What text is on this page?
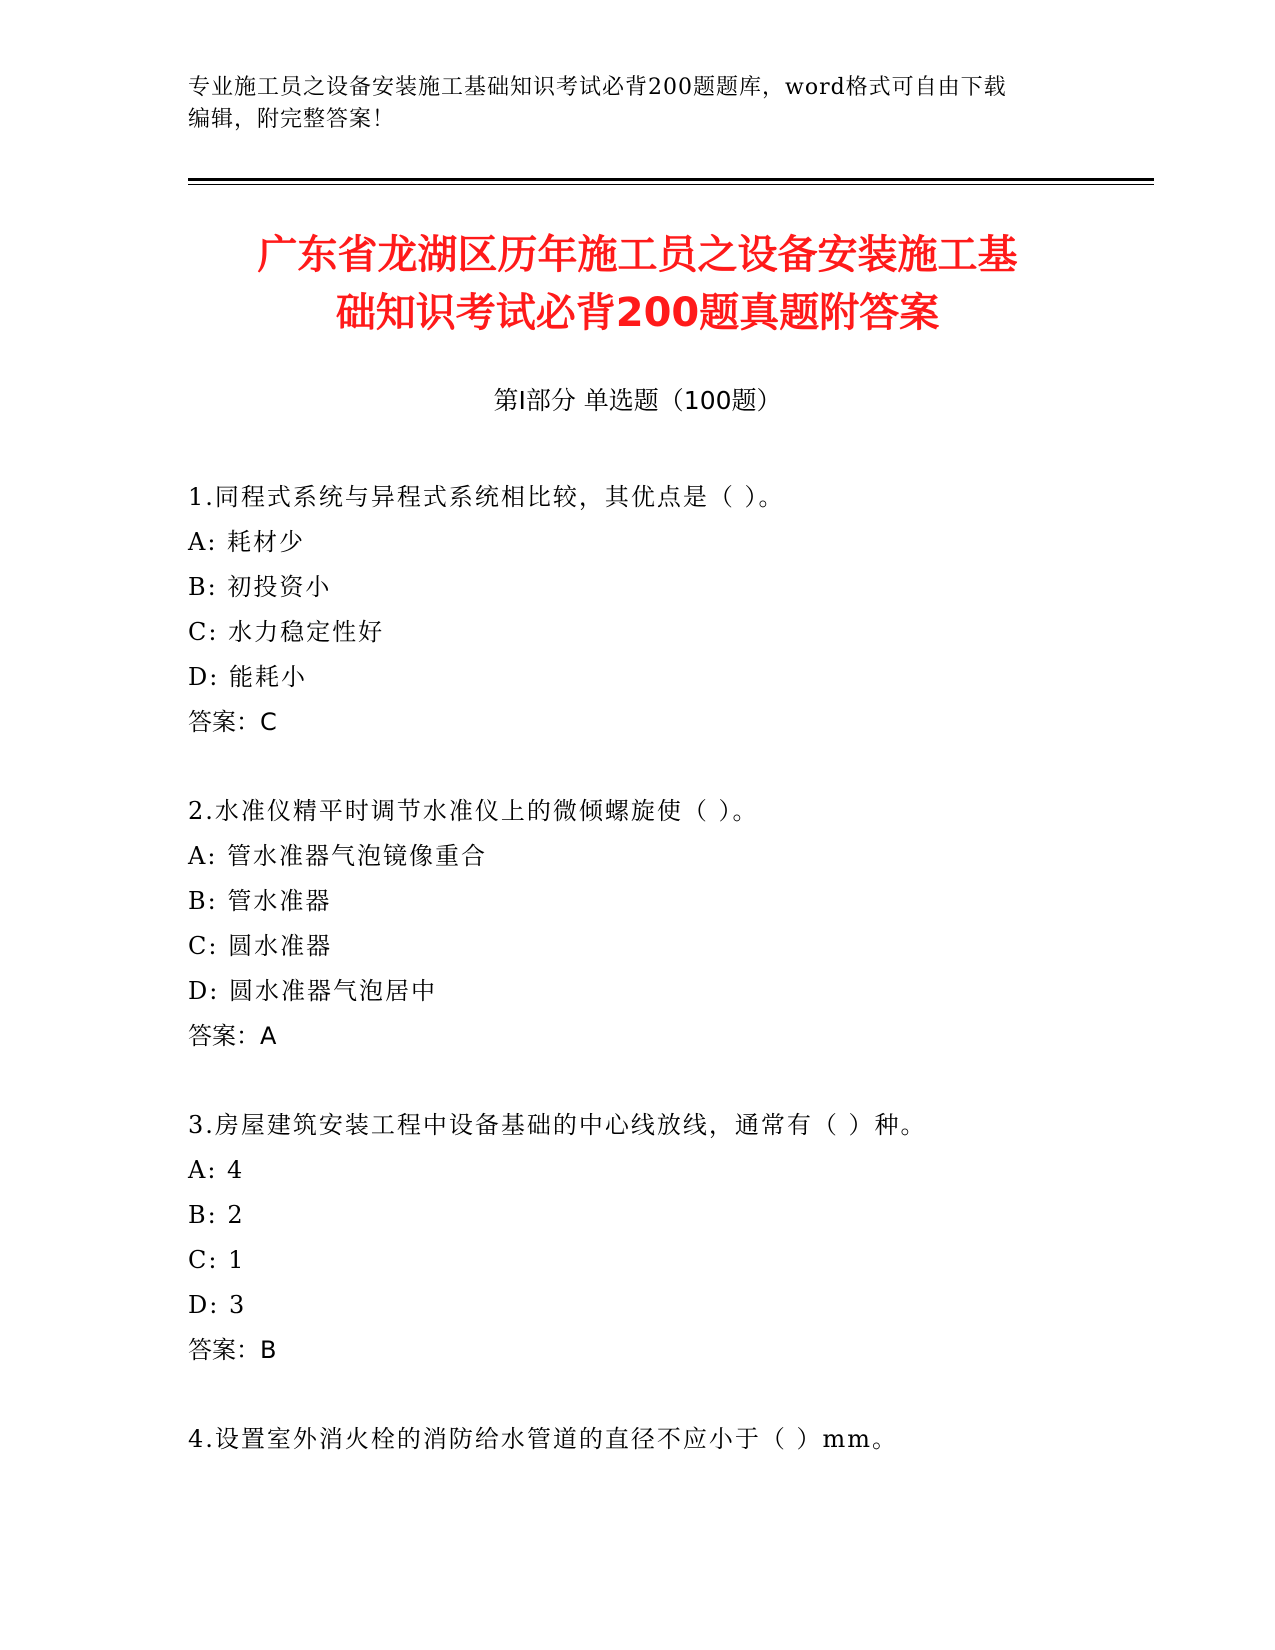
专业施工员之设备安装施工基础知识考试必背200题题库，word格式可自由下载
编辑，附完整答案！
广东省龙湖区历年施工员之设备安装施工基
础知识考试必背200题真题附答案
第I部分 单选题（100题）
1.同程式系统与异程式系统相比较，其优点是（ ）。
A: 耗材少
B: 初投资小
C: 水力稳定性好
D: 能耗小
答案：C
2.水准仪精平时调节水准仪上的微倾螺旋使（ ）。
A: 管水准器气泡镜像重合
B: 管水准器
C: 圆水准器
D: 圆水准器气泡居中
答案：A
3.房屋建筑安装工程中设备基础的中心线放线，通常有（ ）种。
A: 4
B: 2
C: 1
D: 3
答案：B
4.设置室外消火栓的消防给水管道的直径不应小于（ ）mm。
